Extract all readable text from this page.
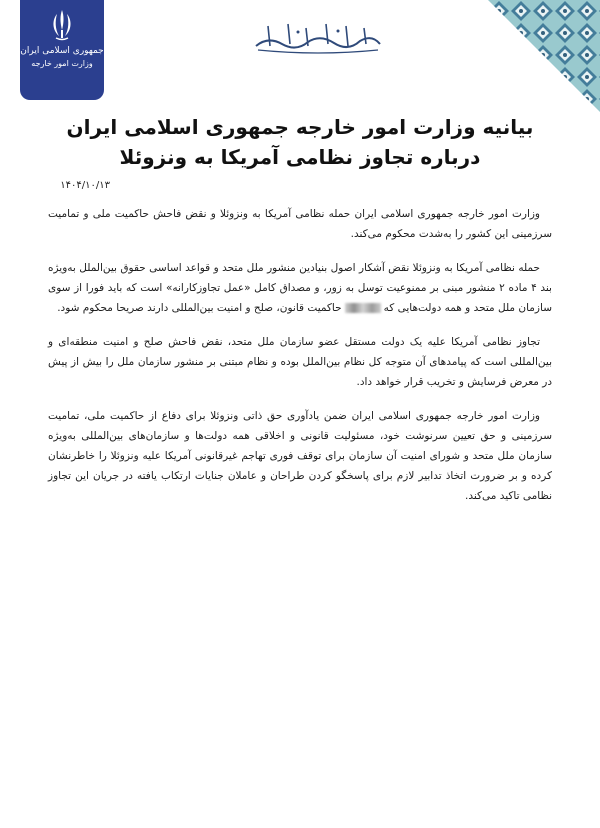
جمهوری اسلامی ایران
وزارت امور خارجه
بسم الله الرحمن الرحیم
بیانیه وزارت امور خارجه جمهوری اسلامی ایران درباره تجاوز نظامی آمریکا به ونزوئلا
۱۴۰۴/۱۰/۱۳

وزارت امور خارجه جمهوری اسلامی ایران حمله نظامی آمریکا به ونزوئلا و نقض فاحش حاکمیت ملی و تمامیت سرزمینی این کشور را به‌شدت محکوم می‌کند.

حمله نظامی آمریکا به ونزوئلا نقض آشکار اصول بنیادین منشور ملل متحد و قواعد اساسی حقوق بین‌الملل به‌ویژه بند ۴ ماده ۲ منشور مبنی بر ممنوعیت توسل به زور، و مصداق کامل «عمل تجاوزکارانه» است که باید فورا از سوی سازمان ملل متحد و همه دولت‌هایی کهحاکمیت قانون، صلح و امنیت بین‌المللی دارند صریحا محکوم شود.

تجاوز نظامی آمریکا علیه یک دولت مستقل عضو سازمان ملل متحد، نقض فاحش صلح و امنیت منطقه‌ای و بین‌المللی است که پیامدهای آن متوجه کل نظام بین‌الملل بوده و نظام مبتنی بر منشور سازمان ملل را بیش از پیش در معرض فرسایش و تخریب قرار خواهد داد.

وزارت امور خارجه جمهوری اسلامی ایران ضمن یادآوری حق ذاتی ونزوئلا برای دفاع از حاکمیت ملی، تمامیت سرزمینی و حق تعیین سرنوشت خود، مسئولیت قانونی و اخلاقی همه دولت‌ها و سازمان‌های بین‌المللی به‌ویژه سازمان ملل متحد و شورای امنیت آن سازمان برای توقف فوری تهاجم غیرقانونی آمریکا علیه ونزوئلا را خاطرنشان کرده و بر ضرورت اتخاذ تدابیر لازم برای پاسخگو کردن طراحان و عاملان جنایات ارتکاب یافته در جریان این تجاوز نظامی تاکید می‌کند.
